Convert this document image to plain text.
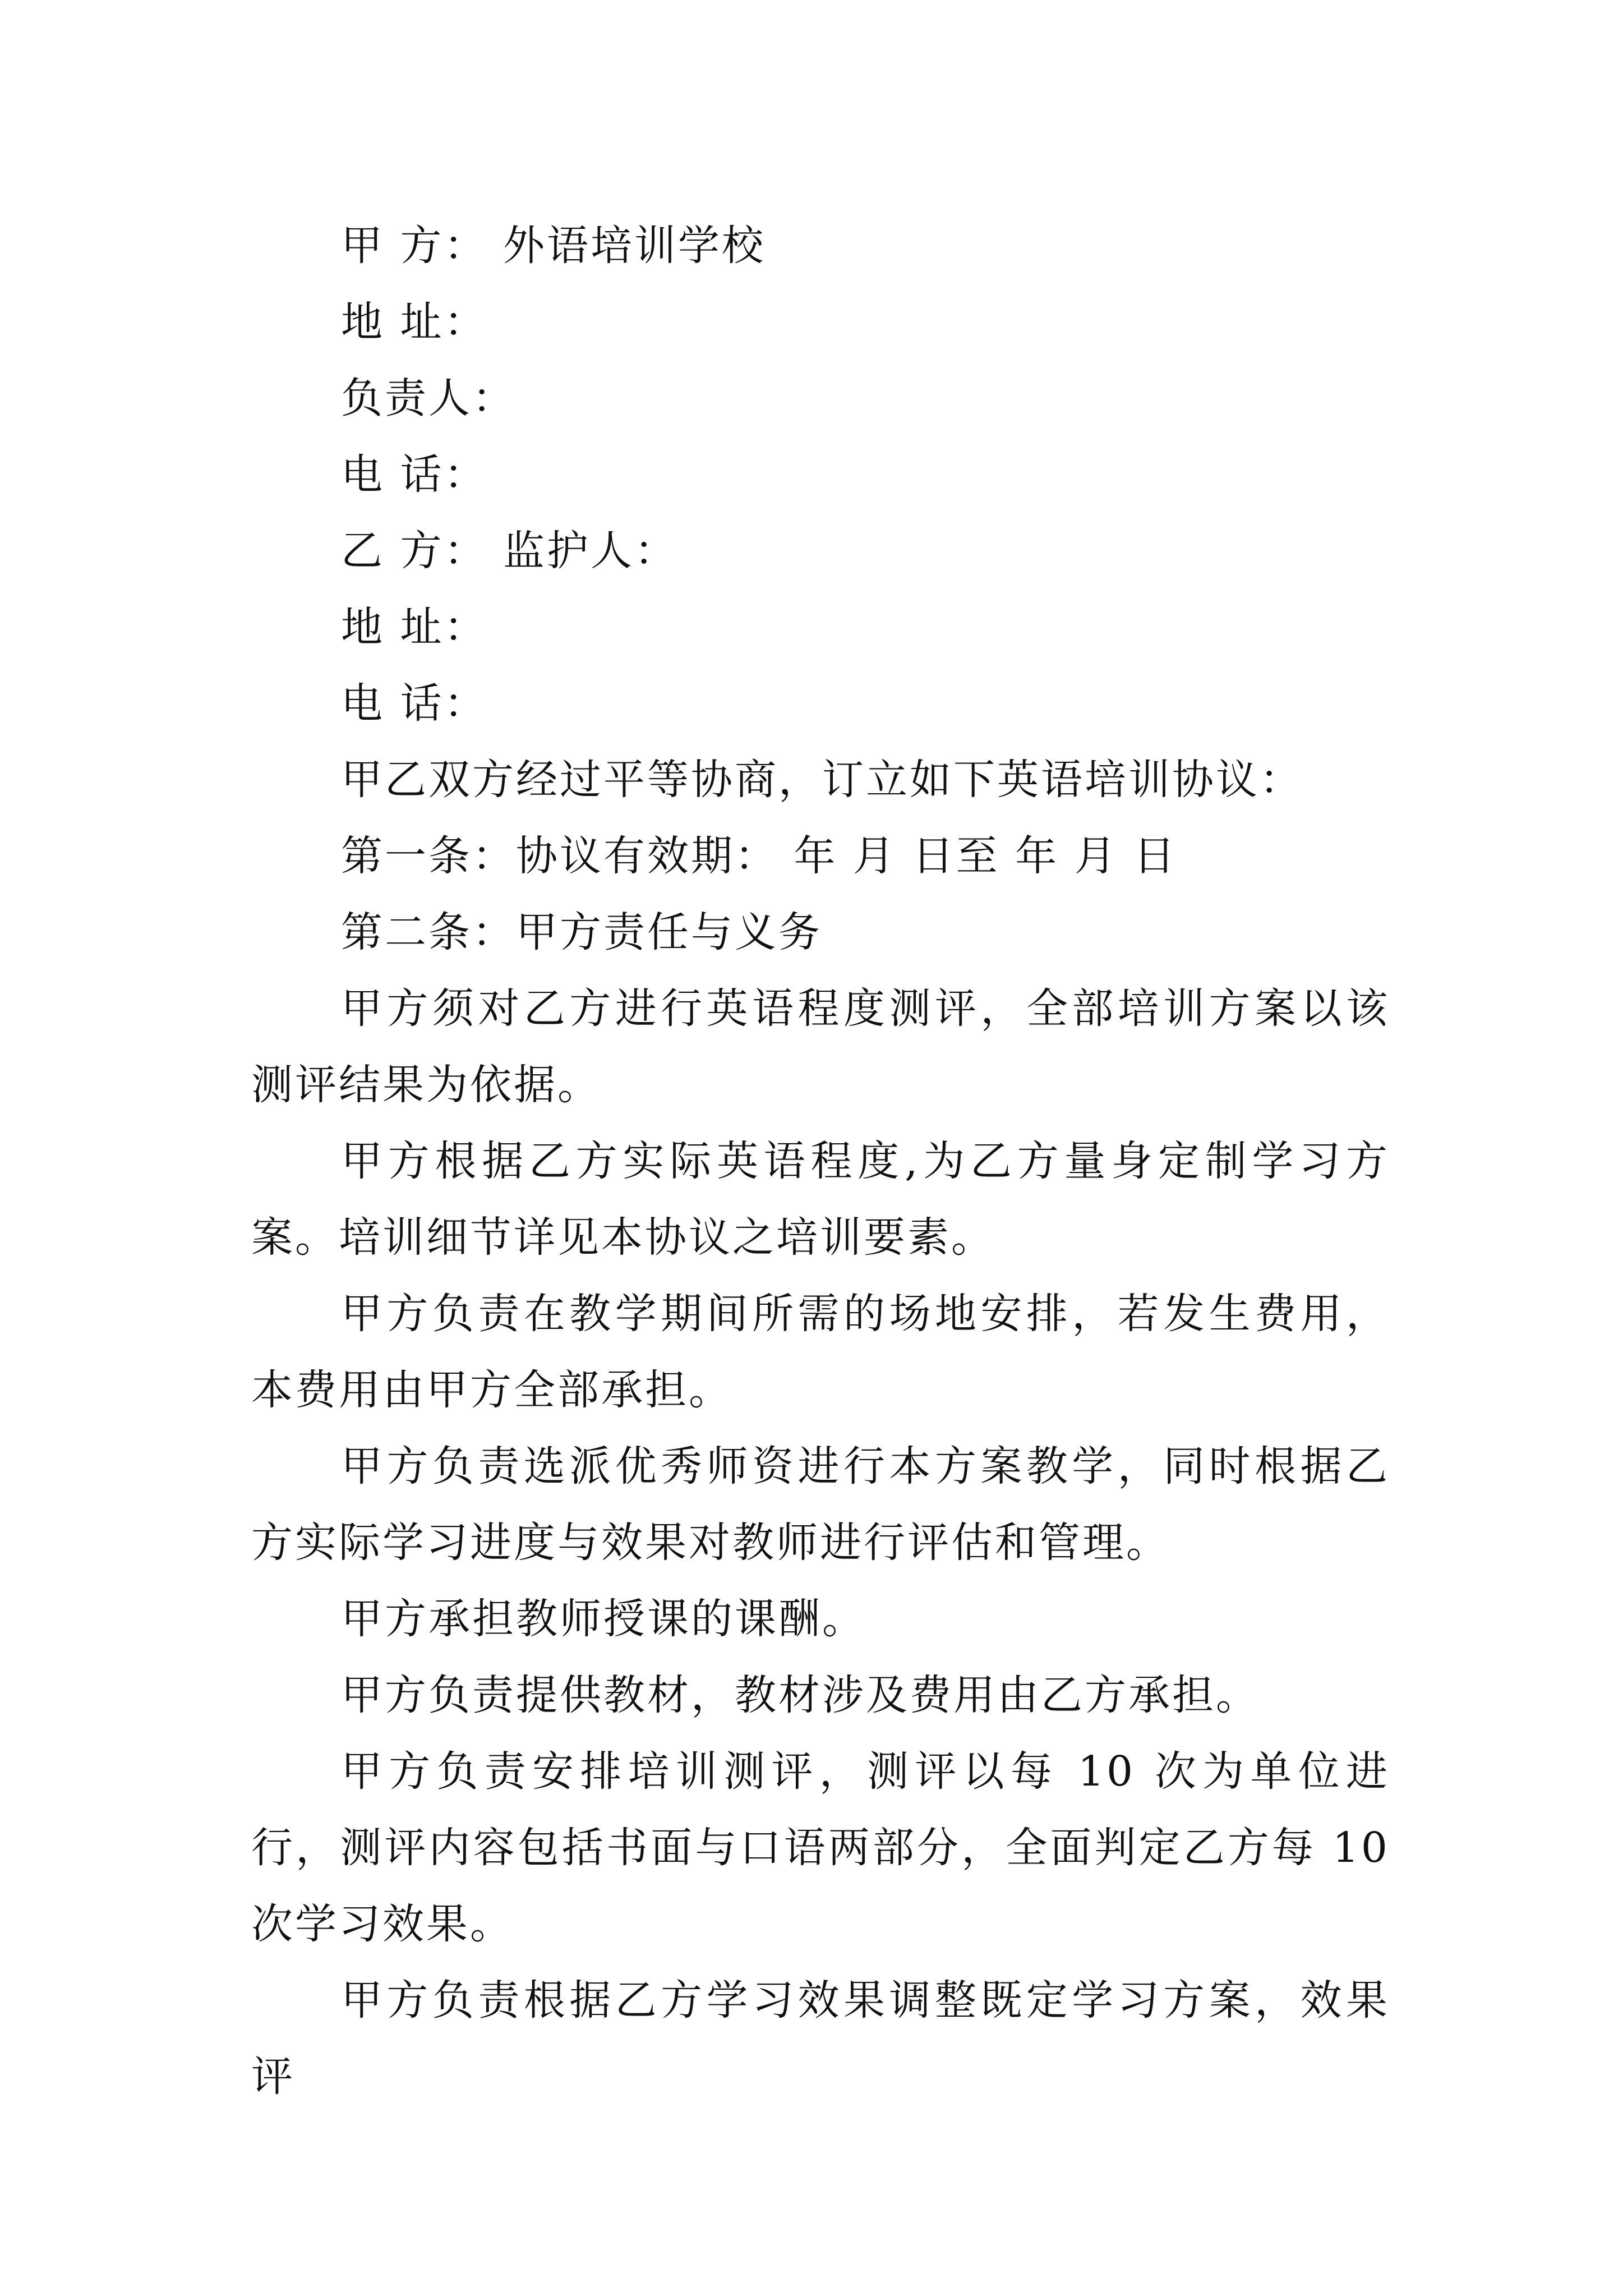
甲 方： 外语培训学校
地 址：
负责人：
电 话：
乙 方： 监护人：
地 址：
电 话：
甲乙双方经过平等协商，订立如下英语培训协议：
第一条：协议有效期： 年 月 日至 年 月 日
第二条：甲方责任与义务

甲方须对乙方进行英语程度测评，全部培训方案以该测评结果为依据。

甲方根据乙方实际英语程度,为乙方量身定制学习方案。培训细节详见本协议之培训要素。

甲方负责在教学期间所需的场地安排，若发生费用，本费用由甲方全部承担。

甲方负责选派优秀师资进行本方案教学，同时根据乙方实际学习进度与效果对教师进行评估和管理。

甲方承担教师授课的课酬。

甲方负责提供教材，教材涉及费用由乙方承担。

甲方负责安排培训测评，测评以每 10 次为单位进行，测评内容包括书面与口语两部分，全面判定乙方每 10 次学习效果。

甲方负责根据乙方学习效果调整既定学习方案，效果评
